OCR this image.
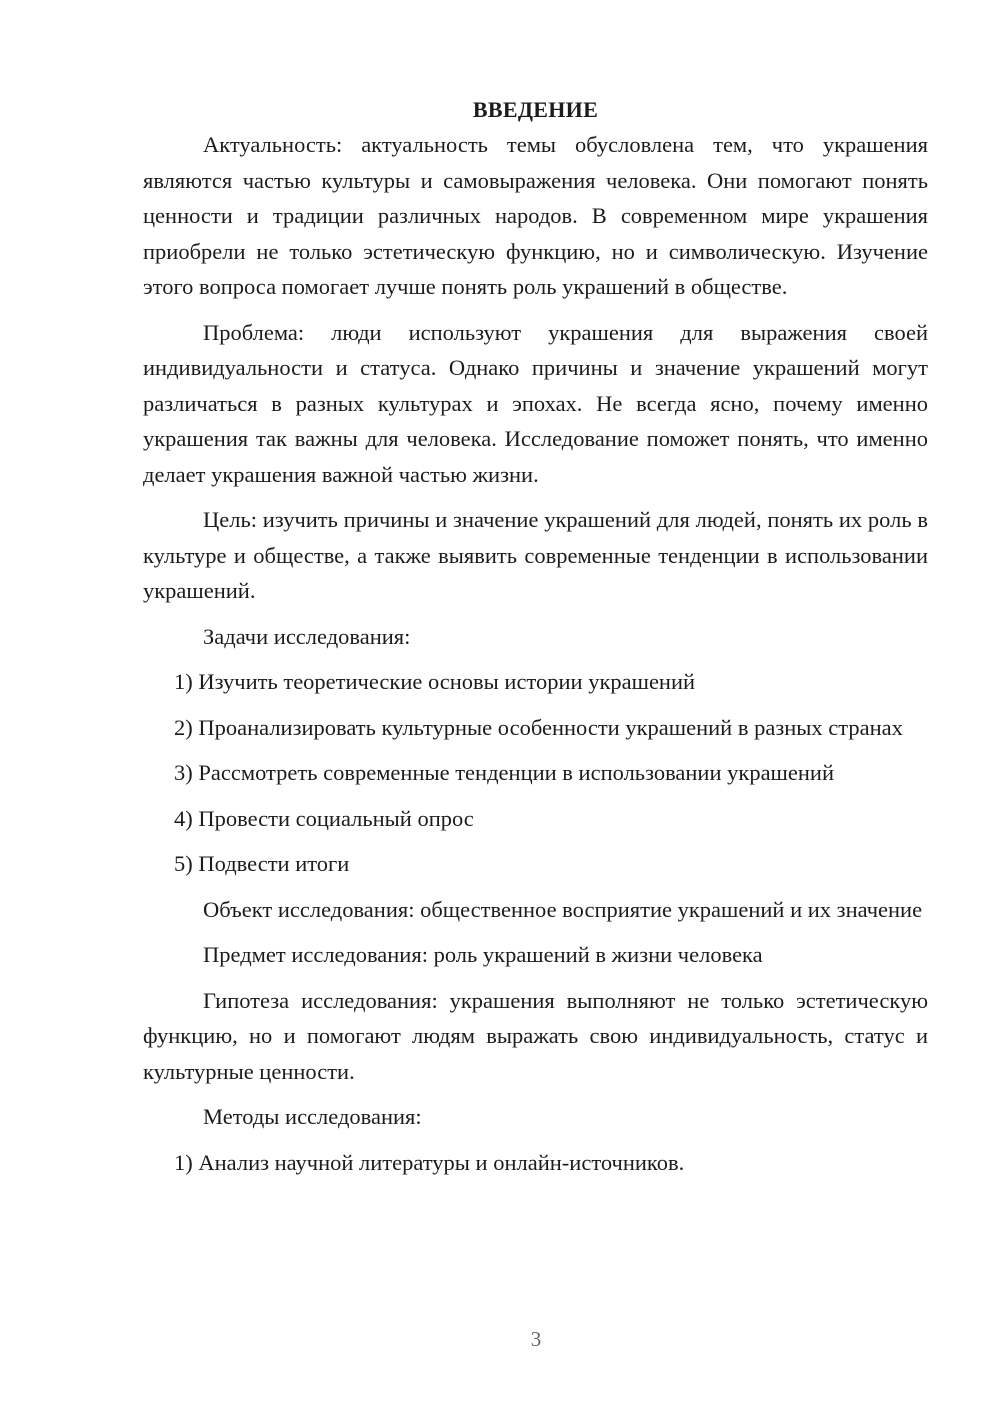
ВВЕДЕНИЕ

Актуальность: актуальность темы обусловлена тем, что украшения являются частью культуры и самовыражения человека. Они помогают понять ценности и традиции различных народов. В современном мире украшения приобрели не только эстетическую функцию, но и символическую. Изучение этого вопроса помогает лучше понять роль украшений в обществе.

Проблема: люди используют украшения для выражения своей индивидуальности и статуса. Однако причины и значение украшений могут различаться в разных культурах и эпохах. Не всегда ясно, почему именно украшения так важны для человека. Исследование поможет понять, что именно делает украшения важной частью жизни.

Цель: изучить причины и значение украшений для людей, понять их роль в культуре и обществе, а также выявить современные тенденции в использовании украшений.

Задачи исследования:

1) Изучить теоретические основы истории украшений

2) Проанализировать культурные особенности украшений в разных странах

3) Рассмотреть современные тенденции в использовании украшений

4) Провести социальный опрос

5) Подвести итоги

Объект исследования: общественное восприятие украшений и их значение

Предмет исследования: роль украшений в жизни человека

Гипотеза исследования: украшения выполняют не только эстетическую функцию, но и помогают людям выражать свою индивидуальность, статус и культурные ценности.

Методы исследования:

1) Анализ научной литературы и онлайн-источников.

3
